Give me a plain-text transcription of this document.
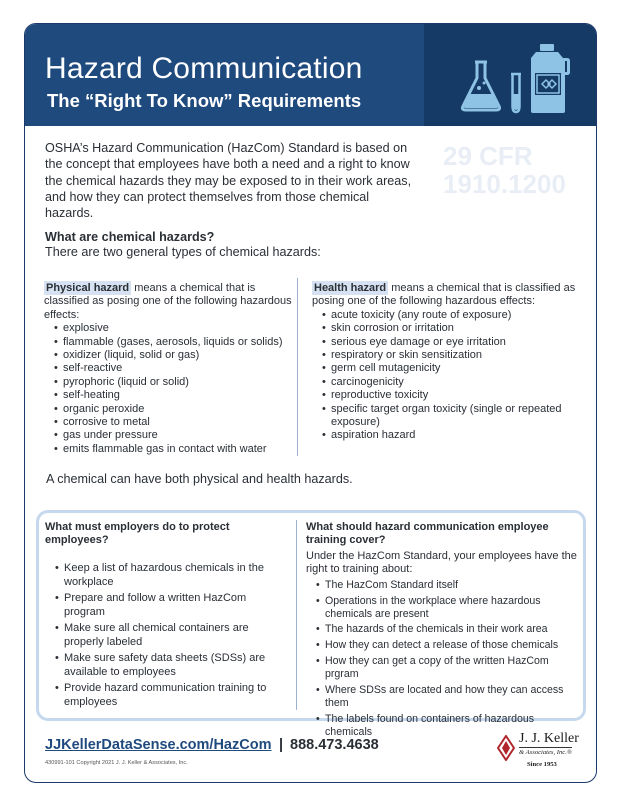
Hazard Communication
The “Right To Know” Requirements

OSHA’s Hazard Communication (HazCom) Standard is based on the concept that employees have both a need and a right to know the chemical hazards they may be exposed to in their work areas, and how they can protect themselves from those chemical hazards.

29 CFR
1910.1200
What are chemical hazards?
There are two general types of chemical hazards:

Physical hazard means a chemical that is classified as posing one of the following hazardous effects:

• explosive
• flammable (gases, aerosols, liquids or solids)
• oxidizer (liquid, solid or gas)
• self-reactive
• pyrophoric (liquid or solid)
• self-heating
• organic peroxide
• corrosive to metal
• gas under pressure
• emits flammable gas in contact with water

Health hazard means a chemical that is classified as posing one of the following hazardous effects:

• acute toxicity (any route of exposure)
• skin corrosion or irritation
• serious eye damage or eye irritation
• respiratory or skin sensitization
• germ cell mutagenicity
• carcinogenicity
• reproductive toxicity
• specific target organ toxicity (single or repeated exposure)
• aspiration hazard
A chemical can have both physical and health hazards.
What must employers do to protect employees?
• Keep a list of hazardous chemicals in the workplace
• Prepare and follow a written HazCom program
• Make sure all chemical containers are properly labeled
• Make sure safety data sheets (SDSs) are available to employees
• Provide hazard communication training to employees
What should hazard communication employee training cover?

Under the HazCom Standard, your employees have the right to training about:

• The HazCom Standard itself
• Operations in the workplace where hazardous chemicals are present
• The hazards of the chemicals in their work area
• How they can detect a release of those chemicals
• How they can get a copy of the written HazCom prgram
• Where SDSs are located and how they can access them
• The labels found on containers of hazardous chemicals
JJKellerDataSense.com/HazCom | 888.473.4638
430991-101 Copyright 2021 J. J. Keller & Associates, Inc.
J. J. Keller
& Associates, Inc.®
Since 1953
